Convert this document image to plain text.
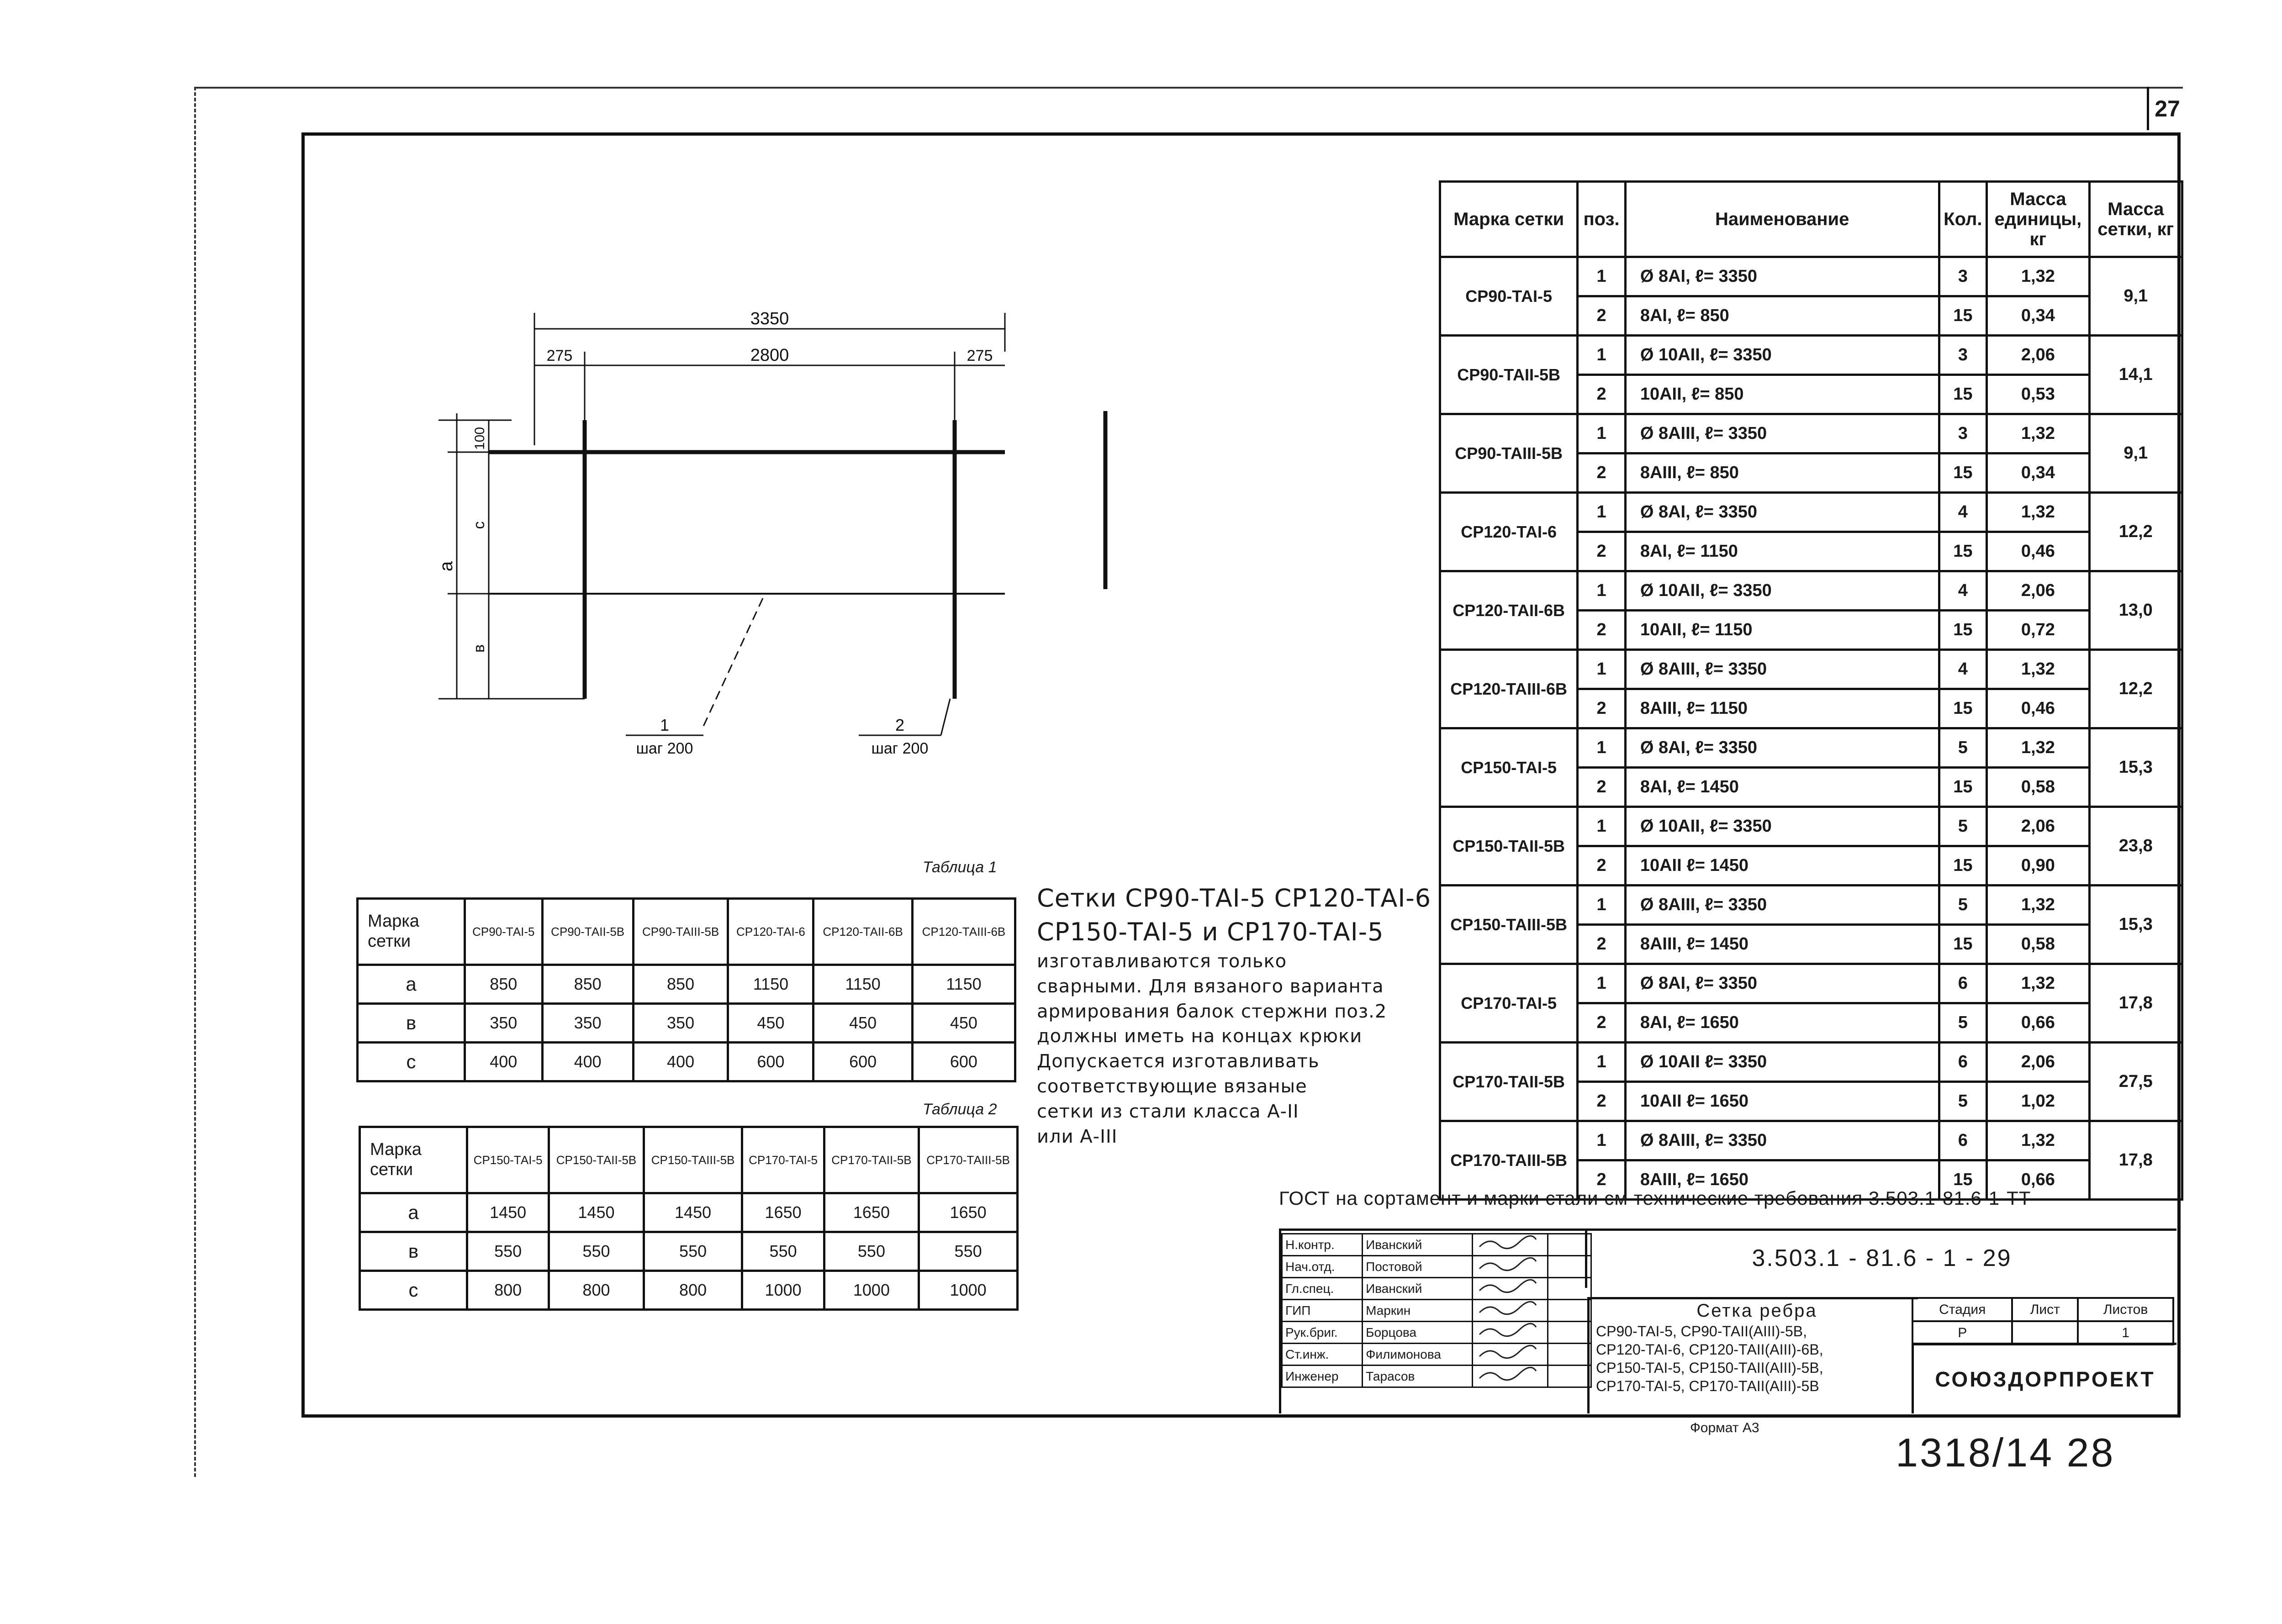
27
3350
275	2800	275
100
с
а
в
1
шаг 200
2
шаг 200
Марка сетки	поз.	Наименование	Кол.	Масса единицы, кг	Масса сетки, кг
СР90-ТАI-5	1	Ø 8АI, ℓ= 3350	3	1,32	9,1
	2	8АI, ℓ= 850	15	0,34	
СР90-ТАII-5В	1	Ø 10АII, ℓ= 3350	3	2,06	14,1
	2	10АII, ℓ= 850	15	0,53	
СР90-ТАIII-5В	1	Ø 8АIII, ℓ= 3350	3	1,32	9,1
	2	8АIII, ℓ= 850	15	0,34	
СР120-ТАI-6	1	Ø 8АI, ℓ= 3350	4	1,32	12,2
	2	8АI, ℓ= 1150	15	0,46	
СР120-ТАII-6В	1	Ø 10АII, ℓ= 3350	4	2,06	13,0
	2	10АII, ℓ= 1150	15	0,72	
СР120-ТАIII-6В	1	Ø 8АIII, ℓ= 3350	4	1,32	12,2
	2	8АIII, ℓ= 1150	15	0,46	
СР150-ТАI-5	1	Ø 8АI, ℓ= 3350	5	1,32	15,3
	2	8АI, ℓ= 1450	15	0,58	
СР150-ТАII-5В	1	Ø 10АII, ℓ= 3350	5	2,06	23,8
	2	10АII ℓ= 1450	15	0,90	
СР150-ТАIII-5В	1	Ø 8АIII, ℓ= 3350	5	1,32	15,3
	2	8АIII, ℓ= 1450	15	0,58	
СР170-ТАI-5	1	Ø 8АI, ℓ= 3350	6	1,32	17,8
	2	8АI, ℓ= 1650	5	0,66	
СР170-ТАII-5В	1	Ø 10АII ℓ= 3350	6	2,06	27,5
	2	10АII ℓ= 1650	5	1,02	
СР170-ТАIII-5В	1	Ø 8АIII, ℓ= 3350	6	1,32	17,8
	2	8АIII, ℓ= 1650	15	0,66	
Таблица 1
Марка сетки	СР90-ТАI-5	СР90-ТАII-5В	СР90-ТАIII-5В	СР120-ТАI-6	СР120-ТАII-6В	СР120-ТАIII-6В
а	850	850	850	1150	1150	1150
в	350	350	350	450	450	450
с	400	400	400	600	600	600
Таблица 2
Марка сетки	СР150-ТАI-5	СР150-ТАII-5В	СР150-ТАIII-5В	СР170-ТАI-5	СР170-ТАII-5В	СР170-ТАIII-5В
а	1450	1450	1450	1650	1650	1650
в	550	550	550	550	550	550
с	800	800	800	1000	1000	1000
Сетки СР90-ТАI-5 СР120-ТАI-6
СР150-ТАI-5 и СР170-ТАI-5
изготавливаются только
сварными. Для вязаного варианта
армирования балок стержни поз.2
должны иметь на концах крюки
Допускается изготавливать
соответствующие вязаные
сетки из стали класса А-II
или А-III
ГОСТ на сортамент и марки стали см технические требования 3.503.1-81.6-1-ТТ
3.503.1 - 81.6 - 1 - 29
Н.контр.	Иванский		
Нач.отд.	Постовой		
Гл.спец.	Иванский		
ГИП	Маркин		
Рук.бриг.	Борцова		
Ст.инж.	Филимонова		
Инженер	Тарасов		
Сетка ребра
СР90-ТАI-5, СР90-ТАII(АIII)-5В,
СР120-ТАI-6, СР120-ТАII(АIII)-6В,
СР150-ТАI-5, СР150-ТАII(АIII)-5В,
СР170-ТАI-5, СР170-ТАII(АIII)-5В
Стадия	Лист	Листов
Р		1
СОЮЗДОРПРОЕКТ
Формат А3
1318/14 28
